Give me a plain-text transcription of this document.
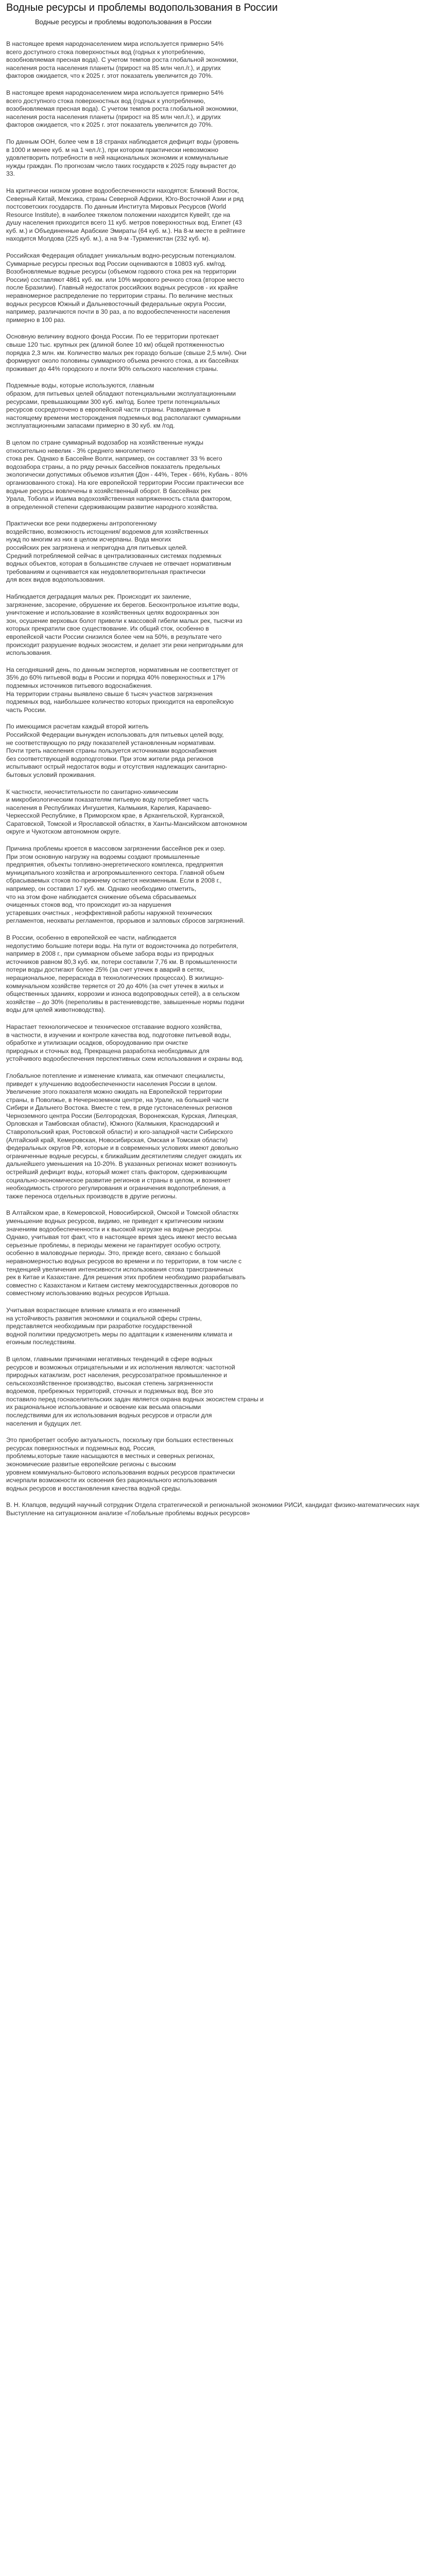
Водные ресурсы и проблемы водопользования в России
Водные ресурсы и проблемы водопользования в России

В настоящее время народонаселением мира используется примерно 54%
всего доступного стока поверхностных вод (годных к употреблению,
возобновляемая пресная вода). С учетом темпов роста глобальной экономики,
населения роста населения планеты (прирост на 85 млн чел./г.), и других
факторов ожидается, что к 2025 г. этот показатель увеличится до 70%.

В настоящее время народонаселением мира используется примерно 54%
всего доступного стока поверхностных вод (годных к употреблению,
возобновляемая пресная вода). С учетом темпов роста глобальной экономики,
населения роста населения планеты (прирост на 85 млн чел./г.), и других
факторов ожидается, что к 2025 г. этот показатель увеличится до 70%.

По данным ООН, более чем в 18 странах наблюдается дефицит воды (уровень
в 1000 и менее куб. м на 1 чел./г.), при котором практически невозможно
удовлетворить потребности в ней национальных экономик и коммунальные
нужды граждан. По прогнозам число таких государств к 2025 году вырастет до
33.

На критически низком уровне водообеспеченности находятся: Ближний Восток,
Северный Китай, Мексика, страны Северной Африки, Юго-Восточной Азии и ряд
постсоветских государств. По данным Института Мировых Ресурсов (World
Resource Institute), в наиболее тяжелом положении находится Кувейт, где на
душу населения приходится всего 11 куб. метров поверхностных вод, Египет (43
куб. м.) и Объединенные Арабские Эмираты (64 куб. м.). На 8-м месте в рейтинге
находится Молдова (225 куб. м.), а на 9-м -Туркменистан (232 куб. м).

Российская Федерация обладает уникальным водно-ресурсным потенциалом.
Суммарные ресурсы пресных вод России оцениваются в 10803 куб. км/год.
Возобновляемые водные ресурсы (объемом годового стока рек на территории
России) составляют 4861 куб. км. или 10% мирового речного стока (второе место
после Бразилии). Главный недостаток российских водных ресурсов - их крайне
неравномерное распределение по территории страны. По величине местных
водных ресурсов Южный и Дальневосточный федеральные округа России,
например, различаются почти в 30 раз, а по водообеспеченности населения
примерно в 100 раз.

Основную величину водного фонда России. По ее территории протекает
свыше 120 тыс. крупных рек (длиной более 10 км) общей протяженностью
порядка 2,3 млн. км. Количество малых рек гораздо больше (свыше 2,5 млн). Они
формируют около половины суммарного объема речного стока, а их бассейнах
проживает до 44% городского и почти 90% сельского населения страны.

Подземные воды, которые используются, главным
образом, для питьевых целей обладают потенциальными эксплуатационными
ресурсами, превышающими 300 куб. км/год. Более трети потенциальных
ресурсов сосредоточено в европейской части страны. Разведанные в
настоящему времени месторождения подземных вод располагают суммарными
эксплуатационными запасами примерно в 30 куб. км /год.

В целом по стране суммарный водозабор на хозяйственные нужды
относительно невелик - 3% среднего многолетнего
стока рек. Однако в Бассейне Волги, например, он составляет 33 % всего
водозабора страны, а по ряду речных бассейнов показатель предельных
экологически допустимых объемов изъятия (Дон - 44%, Терек - 66%, Кубань - 80%
организованного стока). На юге европейской территории России практически все
водные ресурсы вовлечены в хозяйственный оборот. В бассейнах рек
Урала, Тобола и Ишима водохозяйственная напряженность стала фактором,
в определенной степени сдерживающим развитие народного хозяйства.

Практически все реки подвержены антропогенному
воздействию, возможность истощения/ водоемов для хозяйственных
нужд по многим из них в целом исчерпаны. Вода многих
российских рек загрязнена и непригодна для питьевых целей.
Средний потребляемой сейчас в централизованных системах подземных
водных объектов, которая в большинстве случаев не отвечает нормативным
требованиям и оценивается как неудовлетворительная практически
для всех видов водопользования.

Наблюдается деградация малых рек. Происходит их заиление,
загрязнение, засорение, обрушение их берегов. Бесконтрольное изъятие воды,
уничтожение и использование в хозяйственных целях водоохранных зон
зон, осушение верховых болот привели к массовой гибели малых рек, тысячи из
которых прекратили свое существование. Их общий сток, особенно в
европейской части России снизился более чем на 50%, в результате чего
происходит разрушение водных экосистем, и делает эти реки непригодными для
использования.

На сегодняшний день, по данным экспертов, нормативным не соответствует от
35% до 60% питьевой воды в России и порядка 40% поверхностных и 17%
подземных источников питьевого водоснабжения.
На территории страны выявлено свыше 6 тысяч участков загрязнения
подземных вод, наибольшее количество которых приходится на европейскую
часть России.

По имеющимся расчетам каждый второй житель
Российской Федерации вынужден использовать для питьевых целей воду,
не соответствующую по ряду показателей установленным нормативам.
Почти треть населения страны пользуется источниками водоснабжения
без соответствующей водоподготовки. При этом жители ряда регионов
испытывают острый недостаток воды и отсутствия надлежащих санитарно-
бытовых условий проживания.

К частности, неочистительности по санитарно-химическим
и микробиологическим показателям питьевую воду потребляет часть
населения в Республиках Ингушетия, Калмыкия, Карелия, Карачаево-
Черкесской Республике, в Приморском крае, в Архангельской, Курганской,
Саратовской, Томской и Ярославской областях, в Ханты-Мансийском автономном
округе и Чукотском автономном округе.

Причина проблемы кроется в массовом загрязнении бассейнов рек и озер.
При этом основную нагрузку на водоемы создают промышленные
предприятия, объекты топливно-энергетического комплекса, предприятия
муниципального хозяйства и агропромышленного сектора. Главной объем
сбрасываемых стоков по-прежнему остается неизменным. Если в 2008 г.,
например, он составил 17 куб. км. Однако необходимо отметить,
что на этом фоне наблюдается снижение объема сбрасываемых
очищенных стоков вод, что происходит из-за нарушения
устаревших очистных , неэффективной работы наружной технических
регламентов, неохваты регламентов, прорывов и залповых сбросов загрязнений.

В России, особенно в европейской ее части, наблюдается
недопустимо большие потери воды. На пути от водоисточника до потребителя,
например в 2008 г., при суммарном объеме забора воды из природных
источников равном 80,3 куб. км, потери составили 7,76 км. В промышленности
потери воды достигают более 25% (за счет утечек в аварий в сетях,
нерациональное, перерасхода в технологических процессах). В жилищно-
коммунальном хозяйстве теряется от 20 до 40% (за счет утечек в жилых и
общественных зданиях, коррозии и износа водопроводных сетей), а в сельском
хозяйстве – до 30% (переполивы в растениеводстве, завышенные нормы подачи
воды для целей животноводства).

Нарастает технологическое и техническое отставание водного хозяйства,
в частности, в изучении и контроле качества вод, подготовке питьевой воды,
обработке и утилизации осадков, обороудованию при очистке
природных и сточных вод, Прекращена разработка необходимых для
устойчивого водообеспечения перспективных схем использования и охраны вод.

Глобальное потепление и изменение климата, как отмечают специалисты,
приведет к улучшению водообеспеченности населения России в целом.
Увеличение этого показателя можно ожидать на Европейской территории
страны, в Поволжье, в Нечерноземном центре, на Урале, на большей части
Сибири и Дальнего Востока. Вместе с тем, в ряде густонаселенных регионов
Черноземного центра России (Белгородская, Воронежская, Курская, Липецкая,
Орловская и Тамбовская области), Южного (Калмыкия, Краснодарский и
Ставропольский края, Ростовской области) и юго-западной части Сибирского
(Алтайский край, Кемеровская, Новосибирская, Омская и Томская области)
федеральных округов РФ, которые и в современных условиях имеют довольно
ограниченные водные ресурсы, к ближайшим десятилетиям следует ожидать их
дальнейшего уменьшения на 10-20%. В указанных регионах может возникнуть
острейший дефицит воды, который может стать фактором, сдерживающим
социально-экономическое развитие регионов и страны в целом, и возникнет
необходимость строгого регулирования и ограничения водопотребления, а
также переноса отдельных производств в другие регионы.

В Алтайском крае, в Кемеровской, Новосибирской, Омской и Томской областях
уменьшение водных ресурсов, видимо, не приведет к критическим низким
значениям водообеспеченности и к высокой нагрузке на водные ресурсы.
Однако, учитывая тот факт, что в настоящее время здесь имеют место весьма
серьезные проблемы, в периоды межени не гарантирует особую остроту,
особенно в маловодные периоды. Это, прежде всего, связано с большой
неравномерностью водных ресурсов во времени и по территории, в том числе с
тенденцией увеличения интенсивности использования стока трансграничных
рек в Китае и Казахстане. Для решения этих проблем необходимо разрабатывать
совместно с Казахстаном и Китаем систему межгосударственных договоров по
совместному использованию водных ресурсов Иртыша.

Учитывая возрастающее влияние климата и его изменений
на устойчивость развития экономики и социальной сферы страны,
представляется необходимым при разработке государственной
водной политики предусмотреть меры по адаптации к изменениям климата и
егоиным последствиям.

В целом, главными причинами негативных тенденций в сфере водных
ресурсов и возможных отрицательными и их исполнения являются: частотной
природных катаклизм, рост населения, ресурсозатратное промышленное и
сельскохозяйственное производство, высокая степень загрязненности
водоемов, пребрежных территорий, сточных и подземных вод. Все это
поставило перед госнаселительских задач является охрана водных экосистем страны и
их рациональное использование и освоение как весьма опасными
последствиями для их использования водных ресурсов и отрасли для
населения и будущих лет.

Это приобретает особую актуальность, поскольку при больших естественных
ресурсах поверхностных и подземных вод, Россия,
проблемы,которые такие насыщаются в местных и северных регионах,
экономические развитые европейские регионы с высоким
уровнем коммунально-бытового использования водных ресурсов практически
исчерпали возможности их освоения без рационального использования
водных ресурсов и восстановления качества водной среды.

В. Н. Клапцов, ведущий научный сотрудник Отдела стратегической и региональной экономики РИСИ, кандидат физико-математических наук Выступление на ситуационном анализе «Глобальные проблемы водных ресурсов»
